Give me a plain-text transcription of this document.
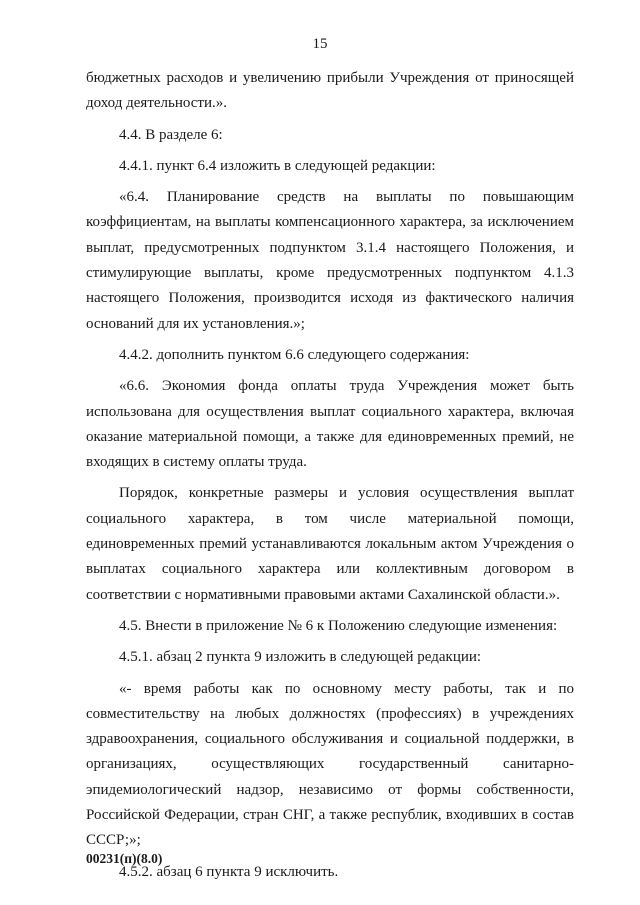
15

бюджетных расходов и увеличению прибыли Учреждения от приносящей доход деятельности.».

4.4. В разделе 6:

4.4.1. пункт 6.4 изложить в следующей редакции:

«6.4. Планирование средств на выплаты по повышающим коэффициентам, на выплаты компенсационного характера, за исключением выплат, предусмотренных подпунктом 3.1.4 настоящего Положения, и стимулирующие выплаты, кроме предусмотренных подпунктом 4.1.3 настоящего Положения, производится исходя из фактического наличия оснований для их установления.»;

4.4.2. дополнить пунктом 6.6 следующего содержания:

«6.6. Экономия фонда оплаты труда Учреждения может быть использована для осуществления выплат социального характера, включая оказание материальной помощи, а также для единовременных премий, не входящих в систему оплаты труда.

Порядок, конкретные размеры и условия осуществления выплат социального характера, в том числе материальной помощи, единовременных премий устанавливаются локальным актом Учреждения о выплатах социального характера или коллективным договором в соответствии с нормативными правовыми актами Сахалинской области.».

4.5. Внести в приложение № 6 к Положению следующие изменения:

4.5.1. абзац 2 пункта 9 изложить в следующей редакции:

«- время работы как по основному месту работы, так и по совместительству на любых должностях (профессиях) в учреждениях здравоохранения, социального обслуживания и социальной поддержки, в организациях, осуществляющих государственный санитарно-эпидемиологический надзор, независимо от формы собственности, Российской Федерации, стран СНГ, а также республик, входивших в состав СССР;»;

4.5.2. абзац 6 пункта 9 исключить.

00231(п)(8.0)
